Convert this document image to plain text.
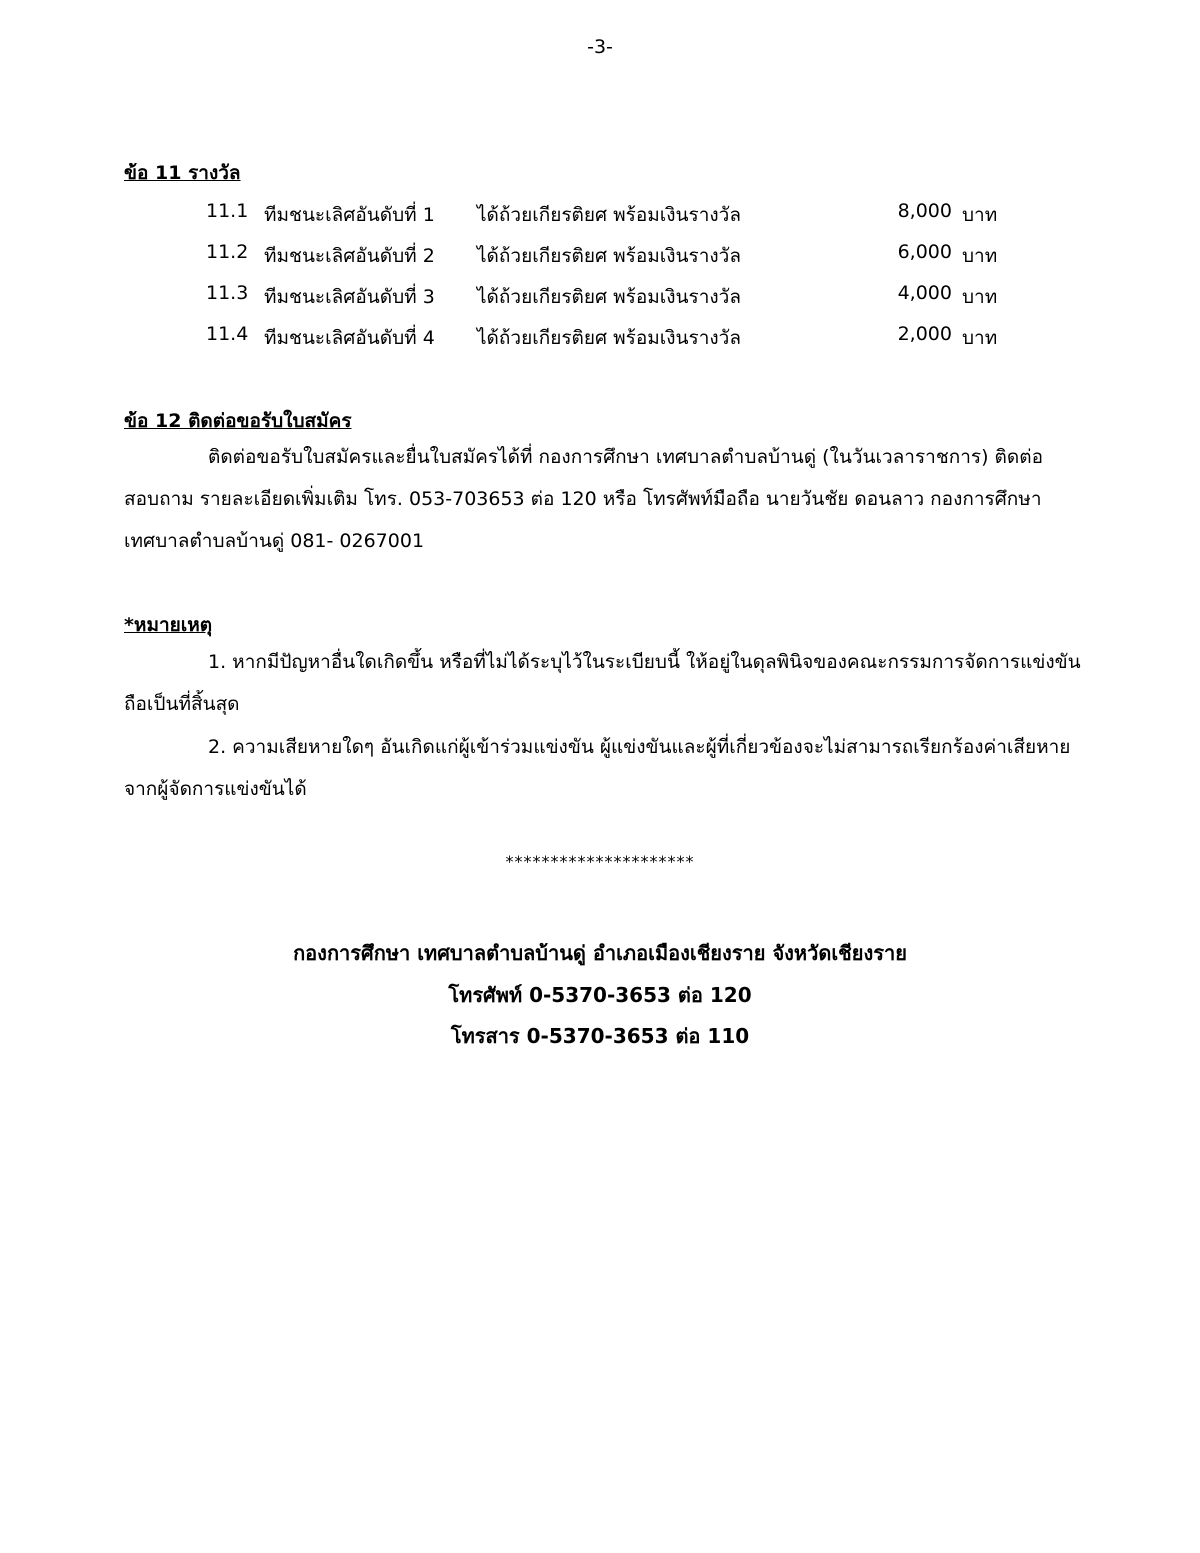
-3-
ข้อ 11 รางวัล
11.1 ทีมชนะเลิศอันดับที่ 1 ได้ถ้วยเกียรติยศ พร้อมเงินรางวัล	8,000 บาท
11.2 ทีมชนะเลิศอันดับที่ 2 ได้ถ้วยเกียรติยศ พร้อมเงินรางวัล	6,000 บาท
11.3 ทีมชนะเลิศอันดับที่ 3 ได้ถ้วยเกียรติยศ พร้อมเงินรางวัล	4,000 บาท
11.4 ทีมชนะเลิศอันดับที่ 4 ได้ถ้วยเกียรติยศ พร้อมเงินรางวัล	2,000 บาท
ข้อ 12 ติดต่อขอรับใบสมัคร

ติดต่อขอรับใบสมัครและยื่นใบสมัครได้ที่ กองการศึกษา เทศบาลตำบลบ้านดู่ (ในวันเวลาราชการ) ติดต่อสอบถาม รายละเอียดเพิ่มเติม โทร. 053-703653 ต่อ 120 หรือ โทรศัพท์มือถือ นายวันชัย ดอนลาว กองการศึกษา เทศบาลตำบลบ้านดู่ 081- 0267001

*หมายเหตุ

1. หากมีปัญหาอื่นใดเกิดขึ้น หรือที่ไม่ได้ระบุไว้ในระเบียบนี้ ให้อยู่ในดุลพินิจของคณะกรรมการจัดการแข่งขัน ถือเป็นที่สิ้นสุด

2. ความเสียหายใดๆ อันเกิดแก่ผู้เข้าร่วมแข่งขัน ผู้แข่งขันและผู้ที่เกี่ยวข้องจะไม่สามารถเรียกร้องค่าเสียหายจากผู้จัดการแข่งขันได้

*********************
กองการศึกษา เทศบาลตำบลบ้านดู่ อำเภอเมืองเชียงราย จังหวัดเชียงราย
โทรศัพท์ 0-5370-3653 ต่อ 120
โทรสาร 0-5370-3653 ต่อ 110
